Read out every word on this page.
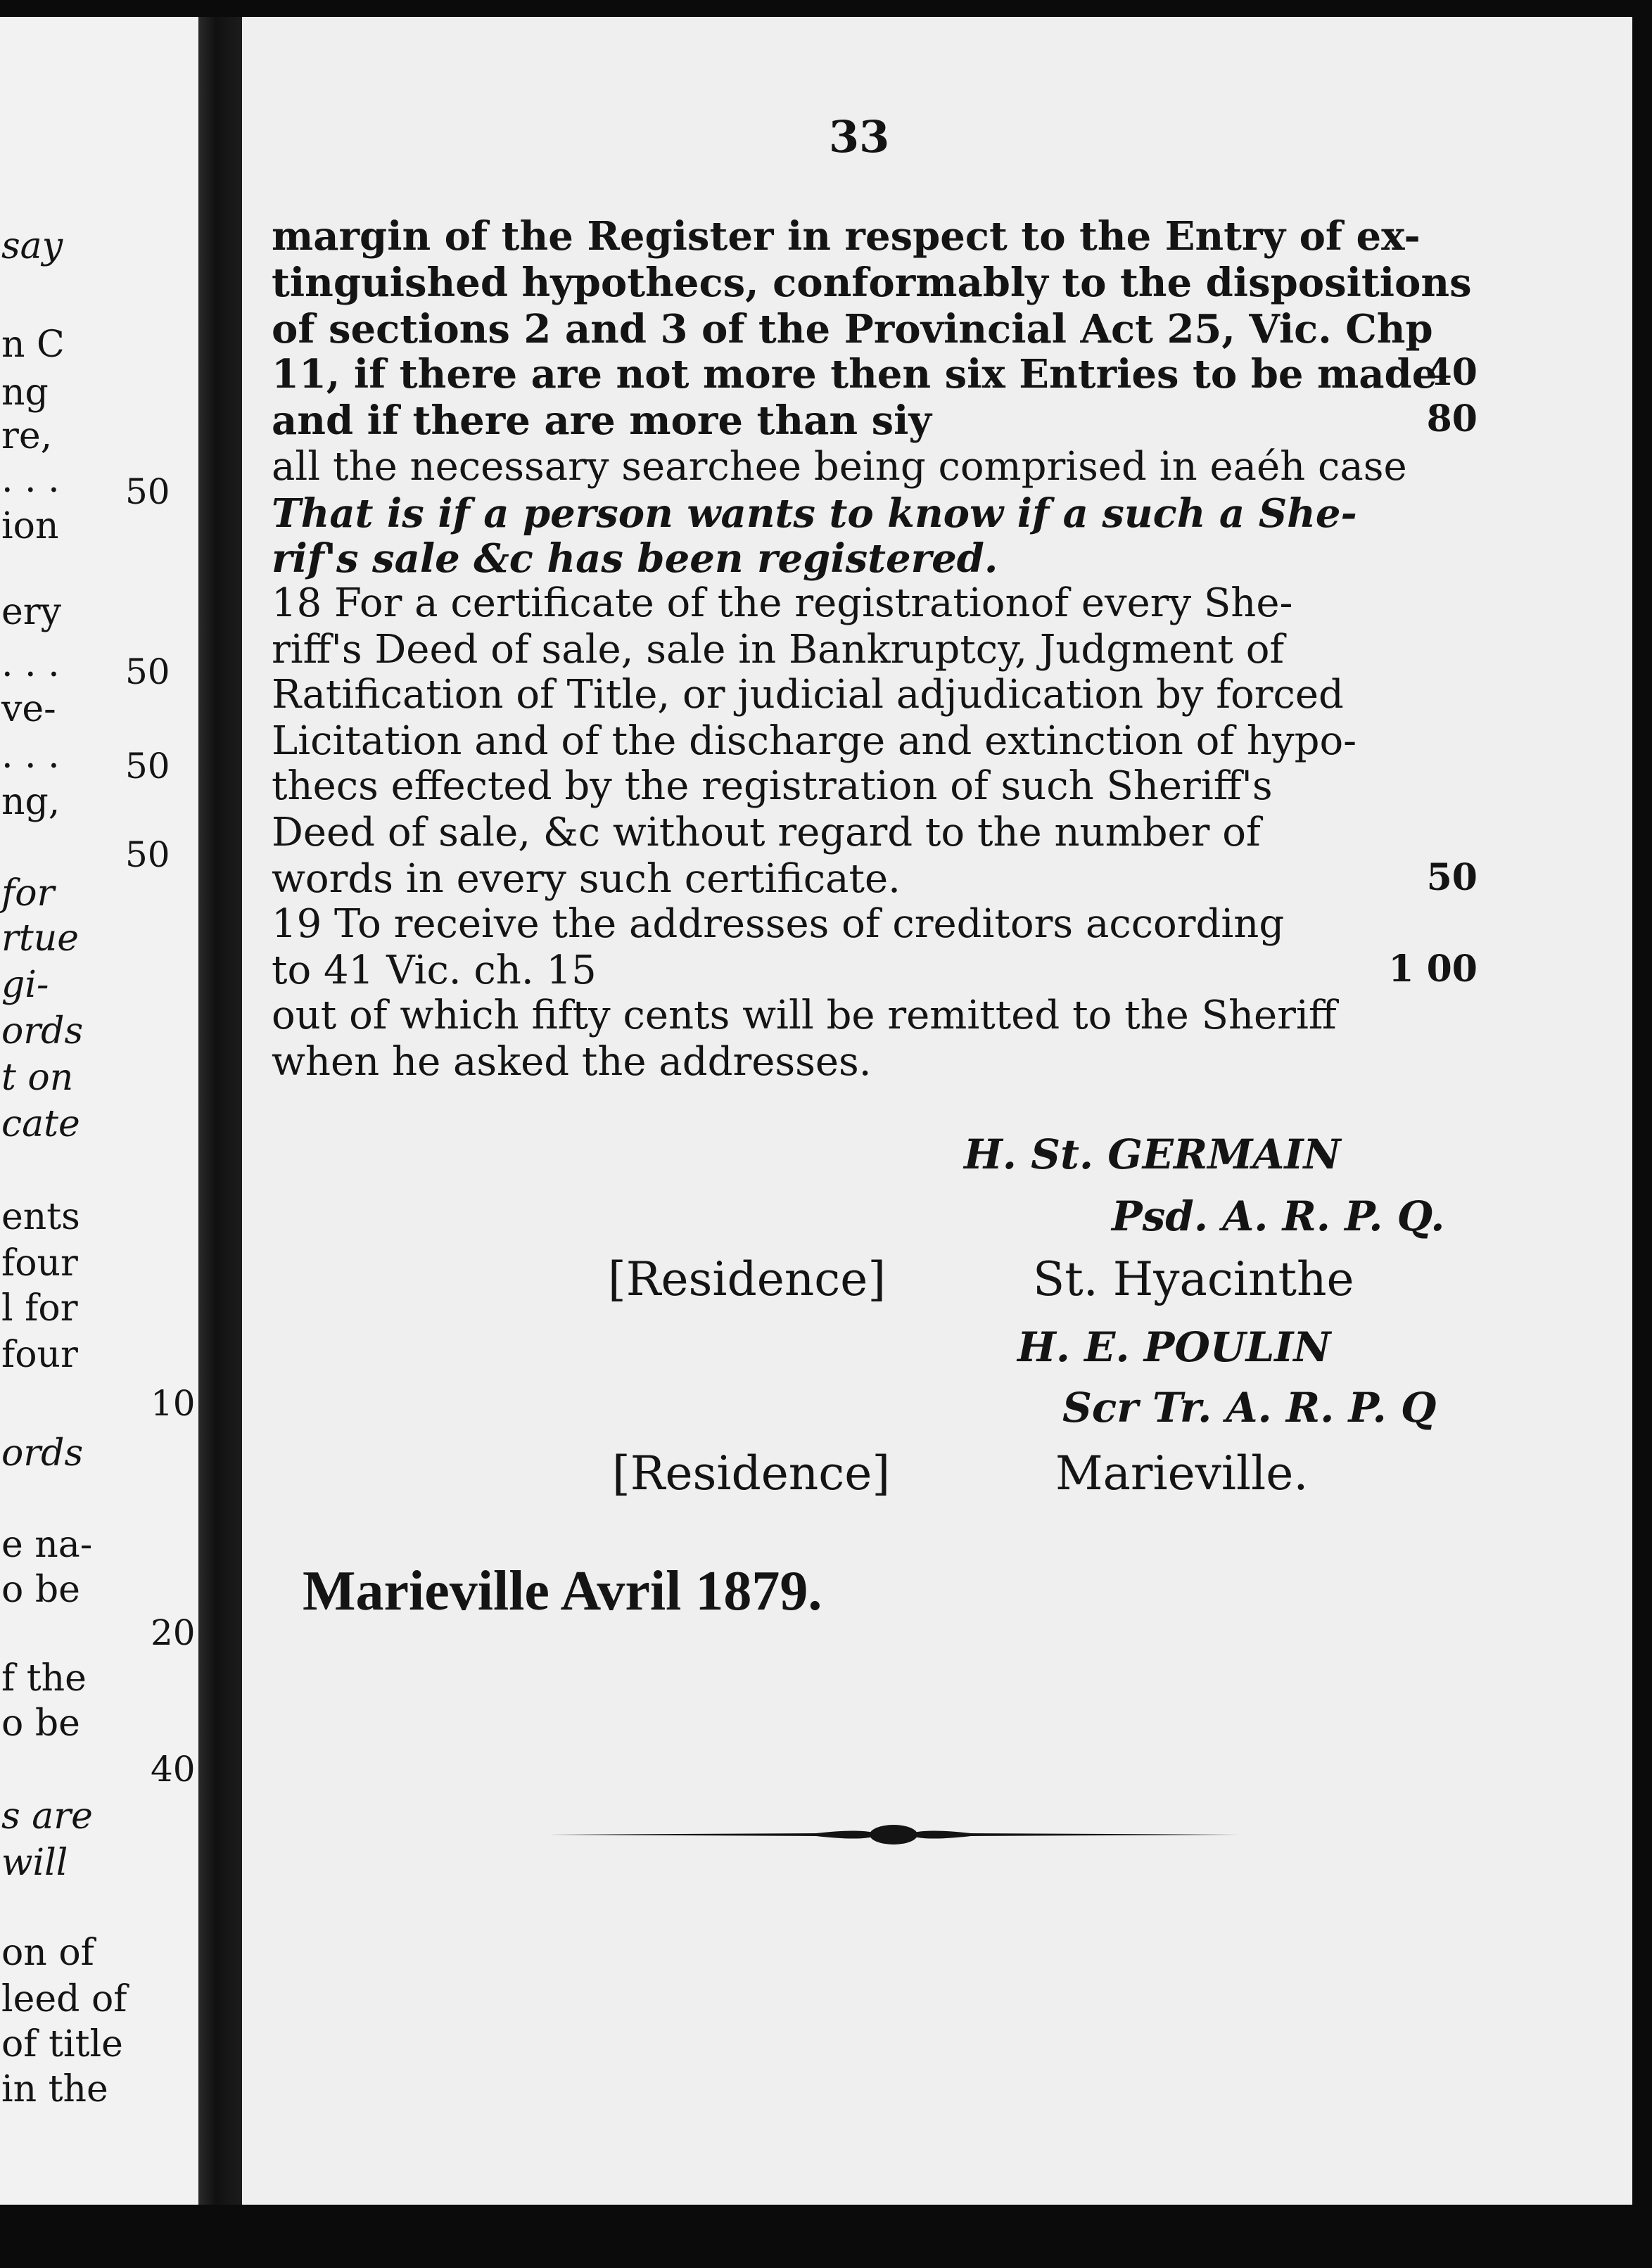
say
n C
ng
re,
. . .
ion
ery
. . .
ve-
. . .
ng,
for
rtue
gi-
ords
t on
cate
ents
four
l for
four
ords
e na-
o be
f the
o be
s are
will
on of
leed of
of title
in the
50
50
50
50
10
20
40
33
margin of the Register in respect to the Entry of ex-
tinguished hypothecs, conformably to the dispositions
of sections 2 and 3 of the Provincial Act 25, Vic. Chp
11, if there are not more then six Entries to be made
and if there are more than siy
all the necessary searchee being comprised in eaéh case
That is if a person wants to know if a such a She-
rif's sale &c has been registered.
18 For a certificate of the registrationof every She-
riff's Deed of sale, sale in Bankruptcy, Judgment of
Ratification of Title, or judicial adjudication by forced
Licitation and of the discharge and extinction of hypo-
thecs effected by the registration of such Sheriff's
Deed of sale, &c without regard to the number of
words in every such certificate.
19 To receive the addresses of creditors according
to 41 Vic. ch. 15
out of which fifty cents will be remitted to the Sheriff
when he asked the addresses.
40
80
50
1 00
H. St. GERMAIN
Psd. A. R. P. Q.
[Residence]	St. Hyacinthe
H. E. POULIN
Scr Tr. A. R. P. Q
[Residence]	Marieville.
Marieville Avril 1879.
